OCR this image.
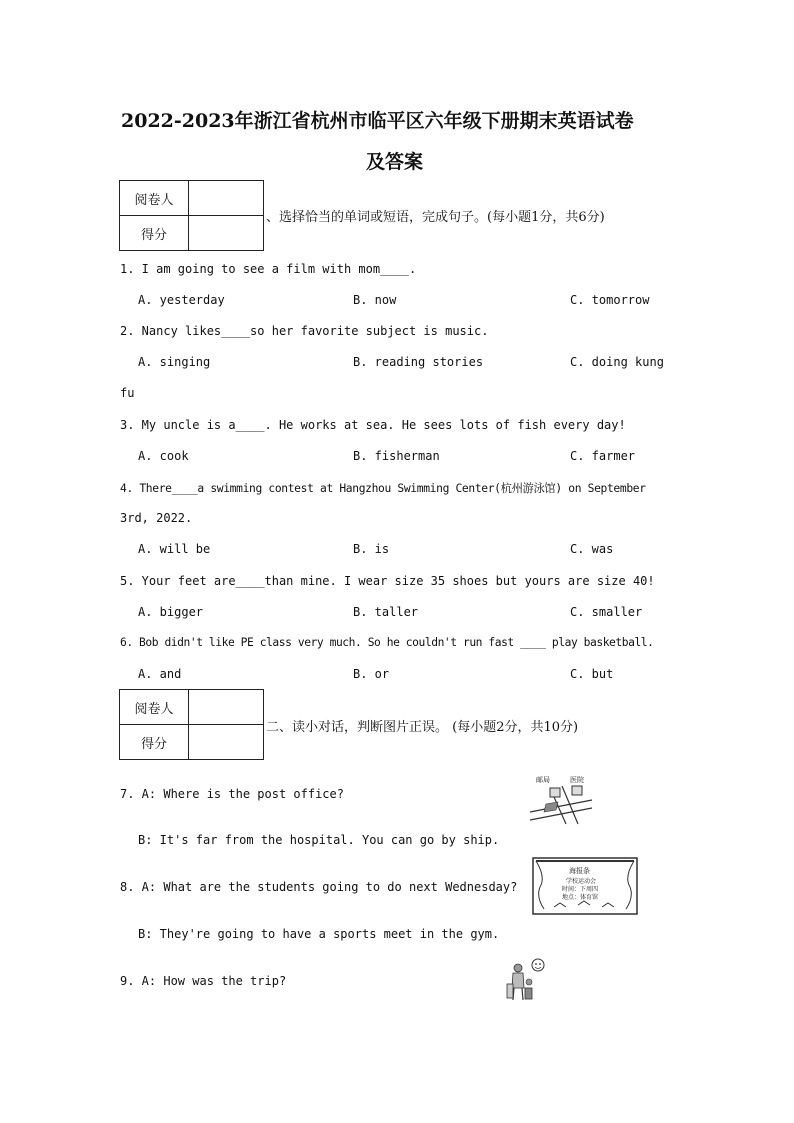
2022-2023年浙江省杭州市临平区六年级下册期末英语试卷
及答案
阅卷人	
得分	
、选择恰当的单词或短语，完成句子。(每小题1分，共6分)
1. I am going to see a film with mom____.
A. yesterday	B. now	C. tomorrow
2. Nancy likes____so her favorite subject is music.
A. singing	B. reading stories	C. doing kung
fu
3. My uncle is a____. He works at sea. He sees lots of fish every day!
A. cook	B. fisherman	C. farmer
4. There____a swimming contest at Hangzhou Swimming Center(杭州游泳馆) on September
3rd, 2022.
A. will be	B. is	C. was
5. Your feet are____than mine. I wear size 35 shoes but yours are size 40!
A. bigger	B. taller	C. smaller
6. Bob didn't like PE class very much. So he couldn't run fast ____ play basketball.
A. and	B. or	C. but
阅卷人	
得分	
二、读小对话，判断图片正误。 (每小题2分，共10分)
7. A: Where is the post office?
B: It's far from the hospital. You can go by ship.
邮局	医院
8. A: What are the students going to do next Wednesday?
B: They're going to have a sports meet in the gym.
海报条
学校运动会
时间：下周四
地点：体育馆
9. A: How was the trip?
